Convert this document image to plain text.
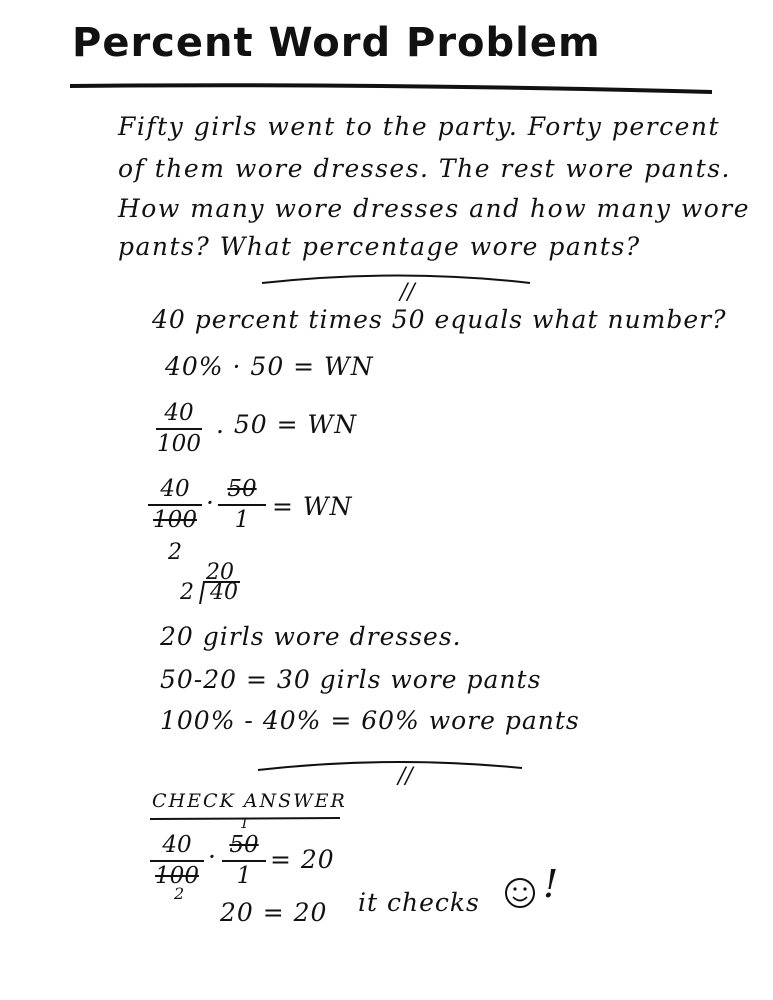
Percent Word Problem
Fifty girls went to the party. Forty percent
of them wore dresses. The rest wore pants.
How many wore dresses and how many wore
pants? What percentage wore pants?
//
40 percent times 50 equals what number?
40% · 50 = WN
40
100
. 50 = WN
40
100
· 50
1 = WN
2
20
2 40
20 girls wore dresses.
50-20 = 30 girls wore pants
100% - 40% = 60% wore pants
//
CHECK ANSWER
40
100
2
·
1
50
1
= 20
20 = 20 it checks !
